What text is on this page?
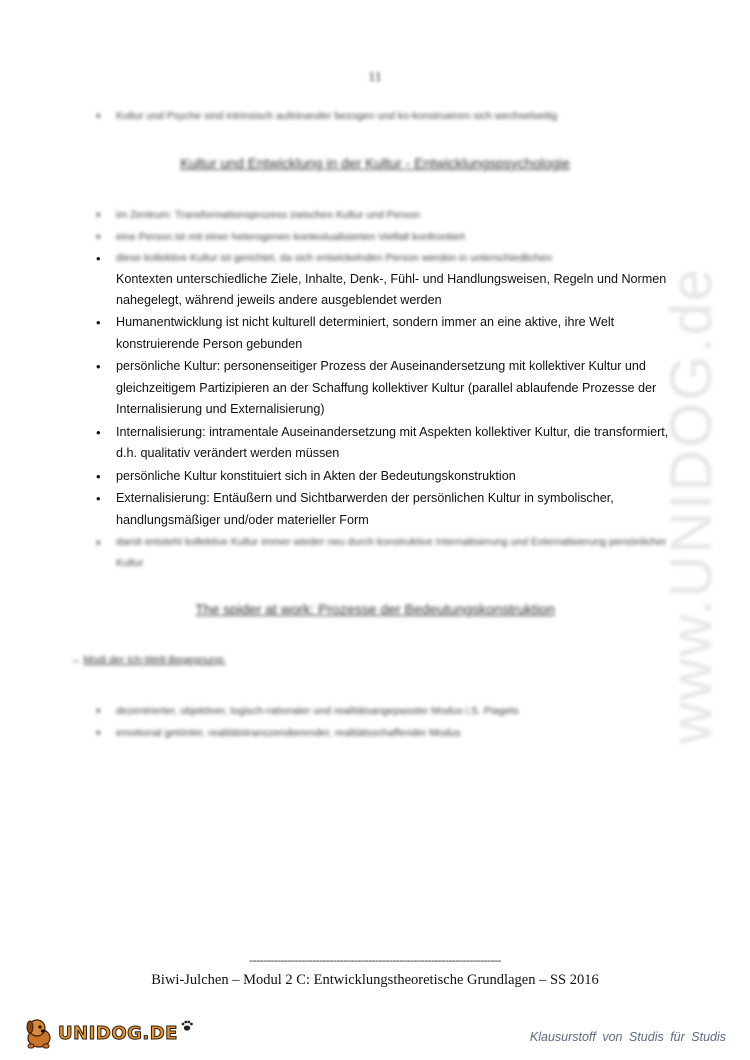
www.UNIDOG.de
11
• Kultur und Psyche sind intrinsisch aufeinander bezogen und ko-konstruieren sich wechselseitig
Kultur und Entwicklung in der Kultur - Entwicklungspsychologie
• im Zentrum: Transformationsprozess zwischen Kultur und Person
• eine Person ist mit einer heterogenen kontextualisierten Vielfalt konfrontiert
• diese kollektive Kultur ist gerichtet, da sich entwickelnden Person werden in unterschiedlichen
Kontexten unterschiedliche Ziele, Inhalte, Denk-, Fühl- und Handlungsweisen, Regeln und Normen nahegelegt, während jeweils andere ausgeblendet werden
• Humanentwicklung ist nicht kulturell determiniert, sondern immer an eine aktive, ihre Welt konstruierende Person gebunden
• persönliche Kultur: personenseitiger Prozess der Auseinandersetzung mit kollektiver Kultur und gleichzeitigem Partizipieren an der Schaffung kollektiver Kultur (parallel ablaufende Prozesse der Internalisierung und Externalisierung)
• Internalisierung: intramentale Auseinandersetzung mit Aspekten kollektiver Kultur, die transformiert, d.h. qualitativ verändert werden müssen
• persönliche Kultur konstituiert sich in Akten der Bedeutungskonstruktion
• Externalisierung: Entäußern und Sichtbarwerden der persönlichen Kultur in symbolischer, handlungsmäßiger und/oder materieller Form
• damit entsteht kollektive Kultur immer wieder neu durch konstruktive Internalisierung und Externalisierung persönlicher Kultur
The spider at work: Prozesse der Bedeutungskonstruktion
→ Modi der Ich-Welt-Begegnung:
• dezentrierter, objektiver, logisch-rationaler und realitätsangepasster Modus i.S. Piagets
• emotional getönter, realitätstranszendierender, realitätsschaffender Modus
------------------------------------------------------------------------
Biwi-Julchen – Modul 2 C: Entwicklungstheoretische Grundlagen – SS 2016
UNIDOG.DE	Klausurstoff von Studis für Studis
